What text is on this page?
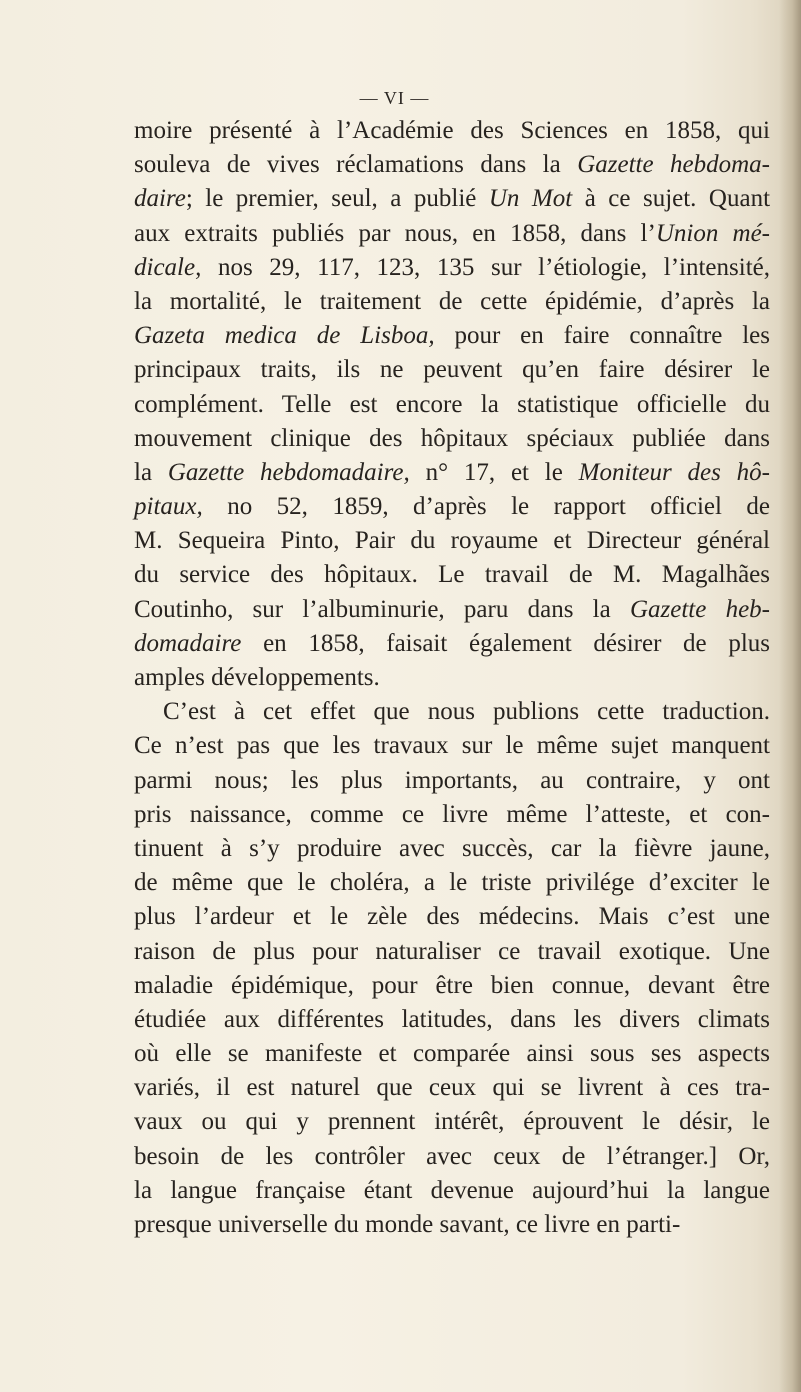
— VI —
moire présenté à l’Académie des Sciences en 1858, qui
souleva de vives réclamations dans la Gazette hebdoma-
daire; le premier, seul, a publié Un Mot à ce sujet. Quant
aux extraits publiés par nous, en 1858, dans l’Union mé-
dicale, nos 29, 117, 123, 135 sur l’étiologie, l’intensité,
la mortalité, le traitement de cette épidémie, d’après la
Gazeta medica de Lisboa, pour en faire connaître les
principaux traits, ils ne peuvent qu’en faire désirer le
complément. Telle est encore la statistique officielle du
mouvement clinique des hôpitaux spéciaux publiée dans
la Gazette hebdomadaire, n° 17, et le Moniteur des hô-
pitaux, no 52, 1859, d’après le rapport officiel de
M. Sequeira Pinto, Pair du royaume et Directeur général
du service des hôpitaux. Le travail de M. Magalhães
Coutinho, sur l’albuminurie, paru dans la Gazette heb-
domadaire en 1858, faisait également désirer de plus
amples développements.
C’est à cet effet que nous publions cette traduction.
Ce n’est pas que les travaux sur le même sujet manquent
parmi nous; les plus importants, au contraire, y ont
pris naissance, comme ce livre même l’atteste, et con-
tinuent à s’y produire avec succès, car la fièvre jaune,
de même que le choléra, a le triste privilége d’exciter le
plus l’ardeur et le zèle des médecins. Mais c’est une
raison de plus pour naturaliser ce travail exotique. Une
maladie épidémique, pour être bien connue, devant être
étudiée aux différentes latitudes, dans les divers climats
où elle se manifeste et comparée ainsi sous ses aspects
variés, il est naturel que ceux qui se livrent à ces tra-
vaux ou qui y prennent intérêt, éprouvent le désir, le
besoin de les contrôler avec ceux de l’étranger.] Or,
la langue française étant devenue aujourd’hui la langue
presque universelle du monde savant, ce livre en parti-
